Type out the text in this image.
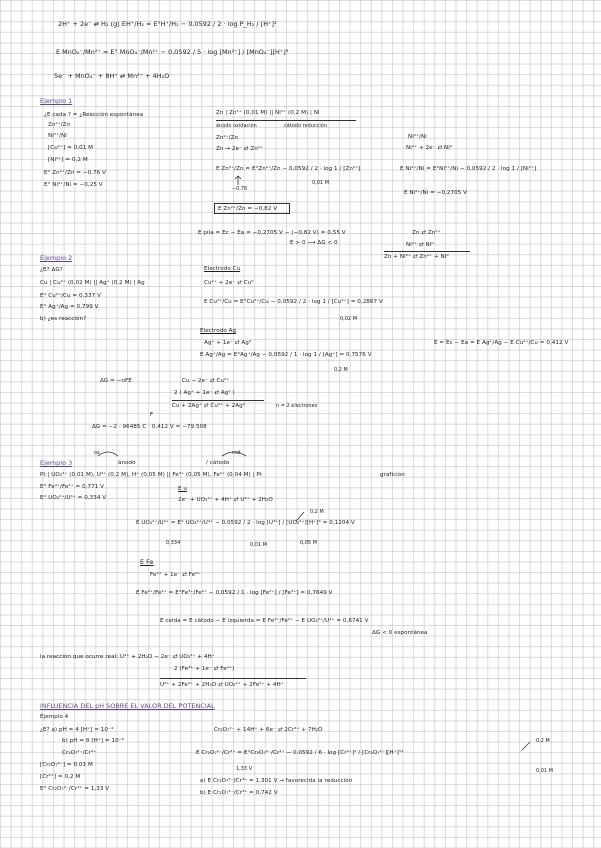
2H⁺ + 2e⁻ ⇄ H₂ (g) EH⁺/H₂ = E°H⁺/H₂ − 0,0592 / 2 · log P_H₂ / [H⁺]²
E MnO₄⁻/Mn²⁺ = E° MnO₄⁻/Mn²⁺ − 0,0592 / 5 · log [Mn²⁺] / [MnO₄⁻][H⁺]⁸
5e⁻ + MnO₄⁻ + 8H⁺ ⇄ Mn²⁺ + 4H₂O
Ejemplo 1
¿E cada ? = ¿Reacción espontánea
Zn²⁺/Zn
Ni²⁺/Ni
[Cu²⁺] = 0,01 M
[Ni²⁺] = 0,2 M
E° Zn²⁺/Zn = −0,76 V
E° Ni²⁺/Ni = −0,25 V
Zn | Zn²⁺ (0,01 M) || Ni²⁺ (0,2 M) | Ni
ánodo oxidación	cátodo reducción
Zn²⁺/Zn
Zn → 2e⁻ ⇄ Zn²⁺
E Zn²⁺/Zn = E°Zn²⁺/Zn − 0,0592 / 2 · log 1 / [Zn²⁺]
−0,76
0,01 M
E Zn²⁺/Zn = −0,82 V
Ni²⁺/Ni
Ni²⁺ + 2e⁻ ⇄ Ni⁰
E Ni²⁺/Ni = E°Ni²⁺/Ni − 0,0592 / 2 · log 1 / [Ni²⁺]
E Ni²⁺/Ni = −0,2705 V
E pila = Ec − Ea = −0,2705 V − (−0,82 V) = 0,55 V
E > 0 ⟶ ΔG < 0
Zn ⇄ Zn²⁺
Ni²⁺ ⇄ Ni⁰
Zn + Ni²⁺ ⇄ Zn²⁺ + Ni⁰
Ejemplo 2
¿E? ΔG?
Cu | Cu²⁺ (0,02 M) || Ag⁺ (0,2 M) | Ag
E° Cu²⁺/Cu = 0,337 V
E° Ag⁺/Ag = 0,799 V
b) ¿es reacción?
Electrodo Cu
Cu²⁺ + 2e⁻ ⇄ Cu⁰
E Cu²⁺/Cu = E°Cu²⁺/Cu − 0,0592 / 2 · log 1 / [Cu²⁺] = 0,2867 V
0,02 M
Electrodo Ag
Ag⁺ + 1e⁻ ⇄ Ag⁰
E Ag⁺/Ag = E°Ag⁺/Ag − 0,0592 / 1 · log 1 / [Ag⁺] = 0,7576 V
0,2 M
E = Ec − Ea = E Ag⁺/Ag − E Cu²⁺/Cu = 0,412 V
ΔG = −nFE	Cu − 2e⁻ ⇄ Cu²⁺
2 ( Ag⁺ + 1e⁻ ⇄ Ag⁰ )
Cu + 2Ag⁺ ⇄ Cu²⁺ + 2Ag⁰	n = 2 electrones
F
ΔG = −2 · 96485 C · 0,412 V = −79.508
ox	red
Ejemplo 3	ánodo	/ cátodo
Pt | UO₂²⁺ (0,01 M), U⁴⁺ (0,2 M), H⁺ (0,05 M) || Fe³⁺ (0,05 M), Fe²⁺ (0,04 M) | Pt	grafición
E° Fe³⁺/Fe²⁺ = 0,771 V
E° UO₂²⁺/U⁴⁺ = 0,334 V
E u
2e⁻ + UO₂²⁺ + 4H⁺ ⇄ U⁴⁺ + 2H₂O
0,2 M
E UO₂²⁺/U⁴⁺ = E° UO₂²⁺/U⁴⁺ − 0,0592 / 2 · log [U⁴⁺] / [UO₂²⁺][H⁺]⁴ = 0,1204 V
0,334	0,01 M	0,05 M
E Fe
Fe³⁺ + 1e⁻ ⇄ Fe²⁺
E Fe³⁺/Fe²⁺ = E°Fe³⁺/Fe²⁺ − 0,0592 / 1 · log [Fe²⁺] / [Fe³⁺] = 0,7649 V
E celda = E cátodo − E izquierda = E Fe³⁺/Fe²⁺ − E UO₂²⁺/U⁴⁺ = 0,6741 V
ΔG < 0 espontánea
la reacción que ocurre real: U⁴⁺ + 2H₂O − 2e⁻ ⇄ UO₂²⁺ + 4H⁺
2 (Fe³⁺ + 1e⁻ ⇄ Fe²⁺)
U⁴⁺ + 2Fe³⁺ + 2H₂O ⇄ UO₂²⁺ + 2Fe²⁺ + 4H⁺
INFLUENCIA DEL pH SOBRE EL VALOR DEL POTENCIAL
Ejemplo 4
¿E? a) pH = 4 [H⁺] = 10⁻⁴
b) pH = 8 [H⁺] = 10⁻⁸
Cr₂O₇²⁻/Cr³⁺
[Cr₂O₇²⁻] = 0,01 M
[Cr³⁺] = 0,2 M
E° Cr₂O₇²⁻/Cr³⁺ = 1,33 V
Cr₂O₇²⁻ + 14H⁺ + 6e⁻ ⇄ 2Cr³⁺ + 7H₂O
0,2 M
E Cr₂O₇²⁻/Cr³⁺ = E°Cr₂O₇²⁻/Cr³⁺ − 0,0592 / 6 · log [Cr³⁺]² / [Cr₂O₇²⁻][H⁺]¹⁴
1,33 V	0,01 M
a) E Cr₂O₇²⁻/Cr³⁺ = 1,301 V → favorecida la reducción
b) E Cr₂O₇²⁻/Cr³⁺ = 0,742 V
